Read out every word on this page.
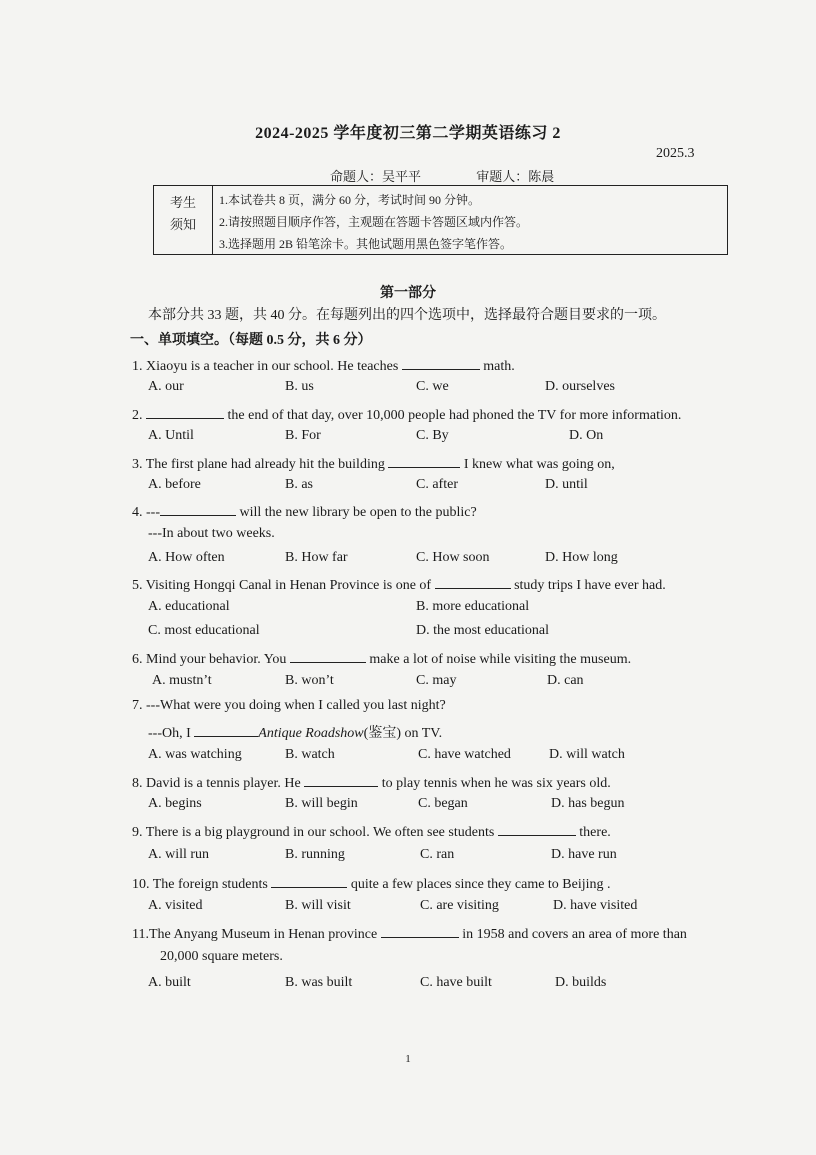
2024-2025 学年度初三第二学期英语练习 2
2025.3
命题人：吴平平	审题人：陈晨
考生
须知
1.本试卷共 8 页，满分 60 分，考试时间 90 分钟。
2.请按照题目顺序作答，主观题在答题卡答题区域内作答。
3.选择题用 2B 铅笔涂卡。其他试题用黑色签字笔作答。
第一部分
本部分共 33 题，共 40 分。在每题列出的四个选项中，选择最符合题目要求的一项。
一、单项填空。（每题 0.5 分，共 6 分）
1. Xiaoyu is a teacher in our school. He teaches	math.
A. our	B. us	C. we	D. ourselves
2.	the end of that day, over 10,000 people had phoned the TV for more information.
A. Until	B. For	C. By	D. On
3. The first plane had already hit the building	I knew what was going on,
A. before	B. as	C. after	D. until
4. ---	will the new library be open to the public?
---In about two weeks.
A. How often	B. How far	C. How soon	D. How long
5. Visiting Hongqi Canal in Henan Province is one of	study trips I have ever had.
A. educational	B. more educational
C. most educational	D. the most educational
6. Mind your behavior. You	make a lot of noise while visiting the museum.
A. mustn’t	B. won’t	C. may	D. can
7. ---What were you doing when I called you last night?
---Oh, I	Antique Roadshow(鉴宝) on TV.
A. was watching	B. watch	C. have watched	D. will watch
8. David is a tennis player. He	to play tennis when he was six years old.
A. begins	B. will begin	C. began	D. has begun
9. There is a big playground in our school. We often see students	there.
A. will run	B. running	C. ran	D. have run
10. The foreign students	quite a few places since they came to Beijing .
A. visited	B. will visit	C. are visiting	D. have visited
11.The Anyang Museum in Henan province	in 1958 and covers an area of more than
20,000 square meters.
A. built	B. was built	C. have built	D. builds
1
